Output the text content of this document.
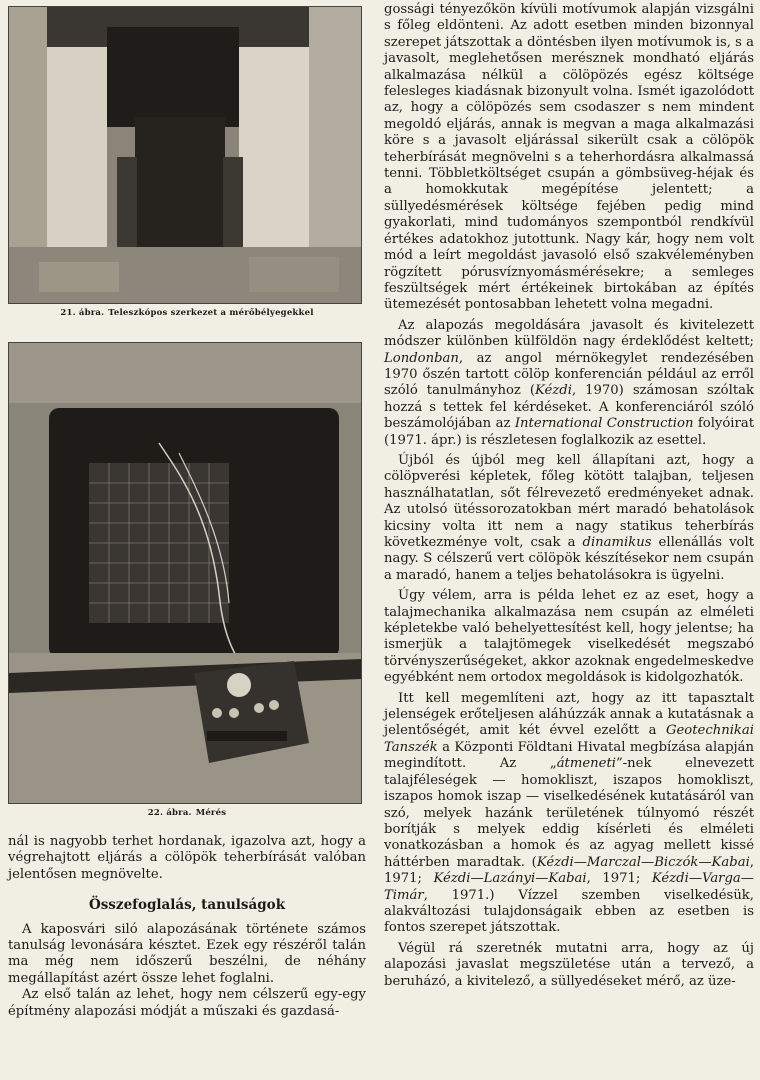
21. ábra. Teleszkópos szerkezet a mérőbélyegekkel
22. ábra. Mérés

nál is nagyobb terhet hordanak, igazolva azt, hogy a végrehajtott eljárás a cölöpök teherbírását valóban jelentősen megnövelte.

Összefoglalás, tanulságok

A kaposvári siló alapozásának története számos tanulság levonására késztet. Ezek egy részéről talán ma még nem időszerű beszélni, de néhány megállapítást azért össze lehet foglalni.

Az első talán az lehet, hogy nem célszerű egy-egy építmény alapozási módját a műszaki és gazdasá-

gossági tényezőkön kívüli motívumok alapján vizsgálni s főleg eldönteni. Az adott esetben minden bizonnyal szerepet játszottak a döntésben ilyen motívumok is, s a javasolt, meglehetősen merésznek mondható eljárás alkalmazása nélkül a cölöpözés egész költsége felesleges kiadásnak bizonyult volna. Ismét igazolódott az, hogy a cölöpözés sem csodaszer s nem mindent megoldó eljárás, annak is megvan a maga alkalmazási köre s a javasolt eljárással sikerült csak a cölöpök teherbírását megnövelni s a teherhordásra alkalmassá tenni. Többletköltséget csupán a gömbsüveg-héjak és a homokkutak megépítése jelentett; a süllyedésmérések költsége fejében pedig mind gyakorlati, mind tudományos szempontból rendkívül értékes adatokhoz jutottunk. Nagy kár, hogy nem volt mód a leírt megoldást javasoló első szakvéleményben rögzített pórusvíznyomásmérésekre; a semleges feszültségek mért értékeinek birtokában az építés ütemezését pontosabban lehetett volna megadni.

Az alapozás megoldására javasolt és kivitelezett módszer különben külföldön nagy érdeklődést keltett; Londonban, az angol mérnökegylet rendezésében 1970 őszén tartott cölöp konferencián például az erről szóló tanulmányhoz (Kézdi, 1970) számosan szóltak hozzá s tettek fel kérdéseket. A konferenciáról szóló beszámolójában az International Construction folyóirat (1971. ápr.) is részletesen foglalkozik az esettel.

Újból és újból meg kell állapítani azt, hogy a cölöpverési képletek, főleg kötött talajban, teljesen használhatatlan, sőt félrevezető eredményeket adnak. Az utolsó ütéssorozatokban mért maradó behatolások kicsiny volta itt nem a nagy statikus teherbírás következménye volt, csak a dinamikus ellenállás volt nagy. S célszerű vert cölöpök készítésekor nem csupán a maradó, hanem a teljes behatolásokra is ügyelni.

Úgy vélem, arra is példa lehet ez az eset, hogy a talajmechanika alkalmazása nem csupán az elméleti képletekbe való behelyettesítést kell, hogy jelentse; ha ismerjük a talajtömegek viselkedését megszabó törvényszerűségeket, akkor azoknak engedelmeskedve egyébként nem ortodox megoldások is kidolgozhatók.

Itt kell megemlíteni azt, hogy az itt tapasztalt jelenségek erőteljesen aláhúzzák annak a kutatásnak a jelentőségét, amit két évvel ezelőtt a Geotechnikai Tanszék a Központi Földtani Hivatal megbízása alapján megindított. Az „átmeneti”-nek elnevezett talajféleségek — homokliszt, iszapos homokliszt, iszapos homok iszap — viselkedésének kutatásáról van szó, melyek hazánk területének túlnyomó részét borítják s melyek eddig kísérleti és elméleti vonatkozásban a homok és az agyag mellett kissé háttérben maradtak. (Kézdi—Marczal—Biczók—Kabai, 1971; Kézdi—Lazányi—Kabai, 1971; Kézdi—Varga—Timár, 1971.) Vízzel szemben viselkedésük, alakváltozási tulajdonságaik ebben az esetben is fontos szerepet játszottak.

Végül rá szeretnék mutatni arra, hogy az új alapozási javaslat megszületése után a tervező, a beruházó, a kivitelező, a süllyedéseket mérő, az üze-
